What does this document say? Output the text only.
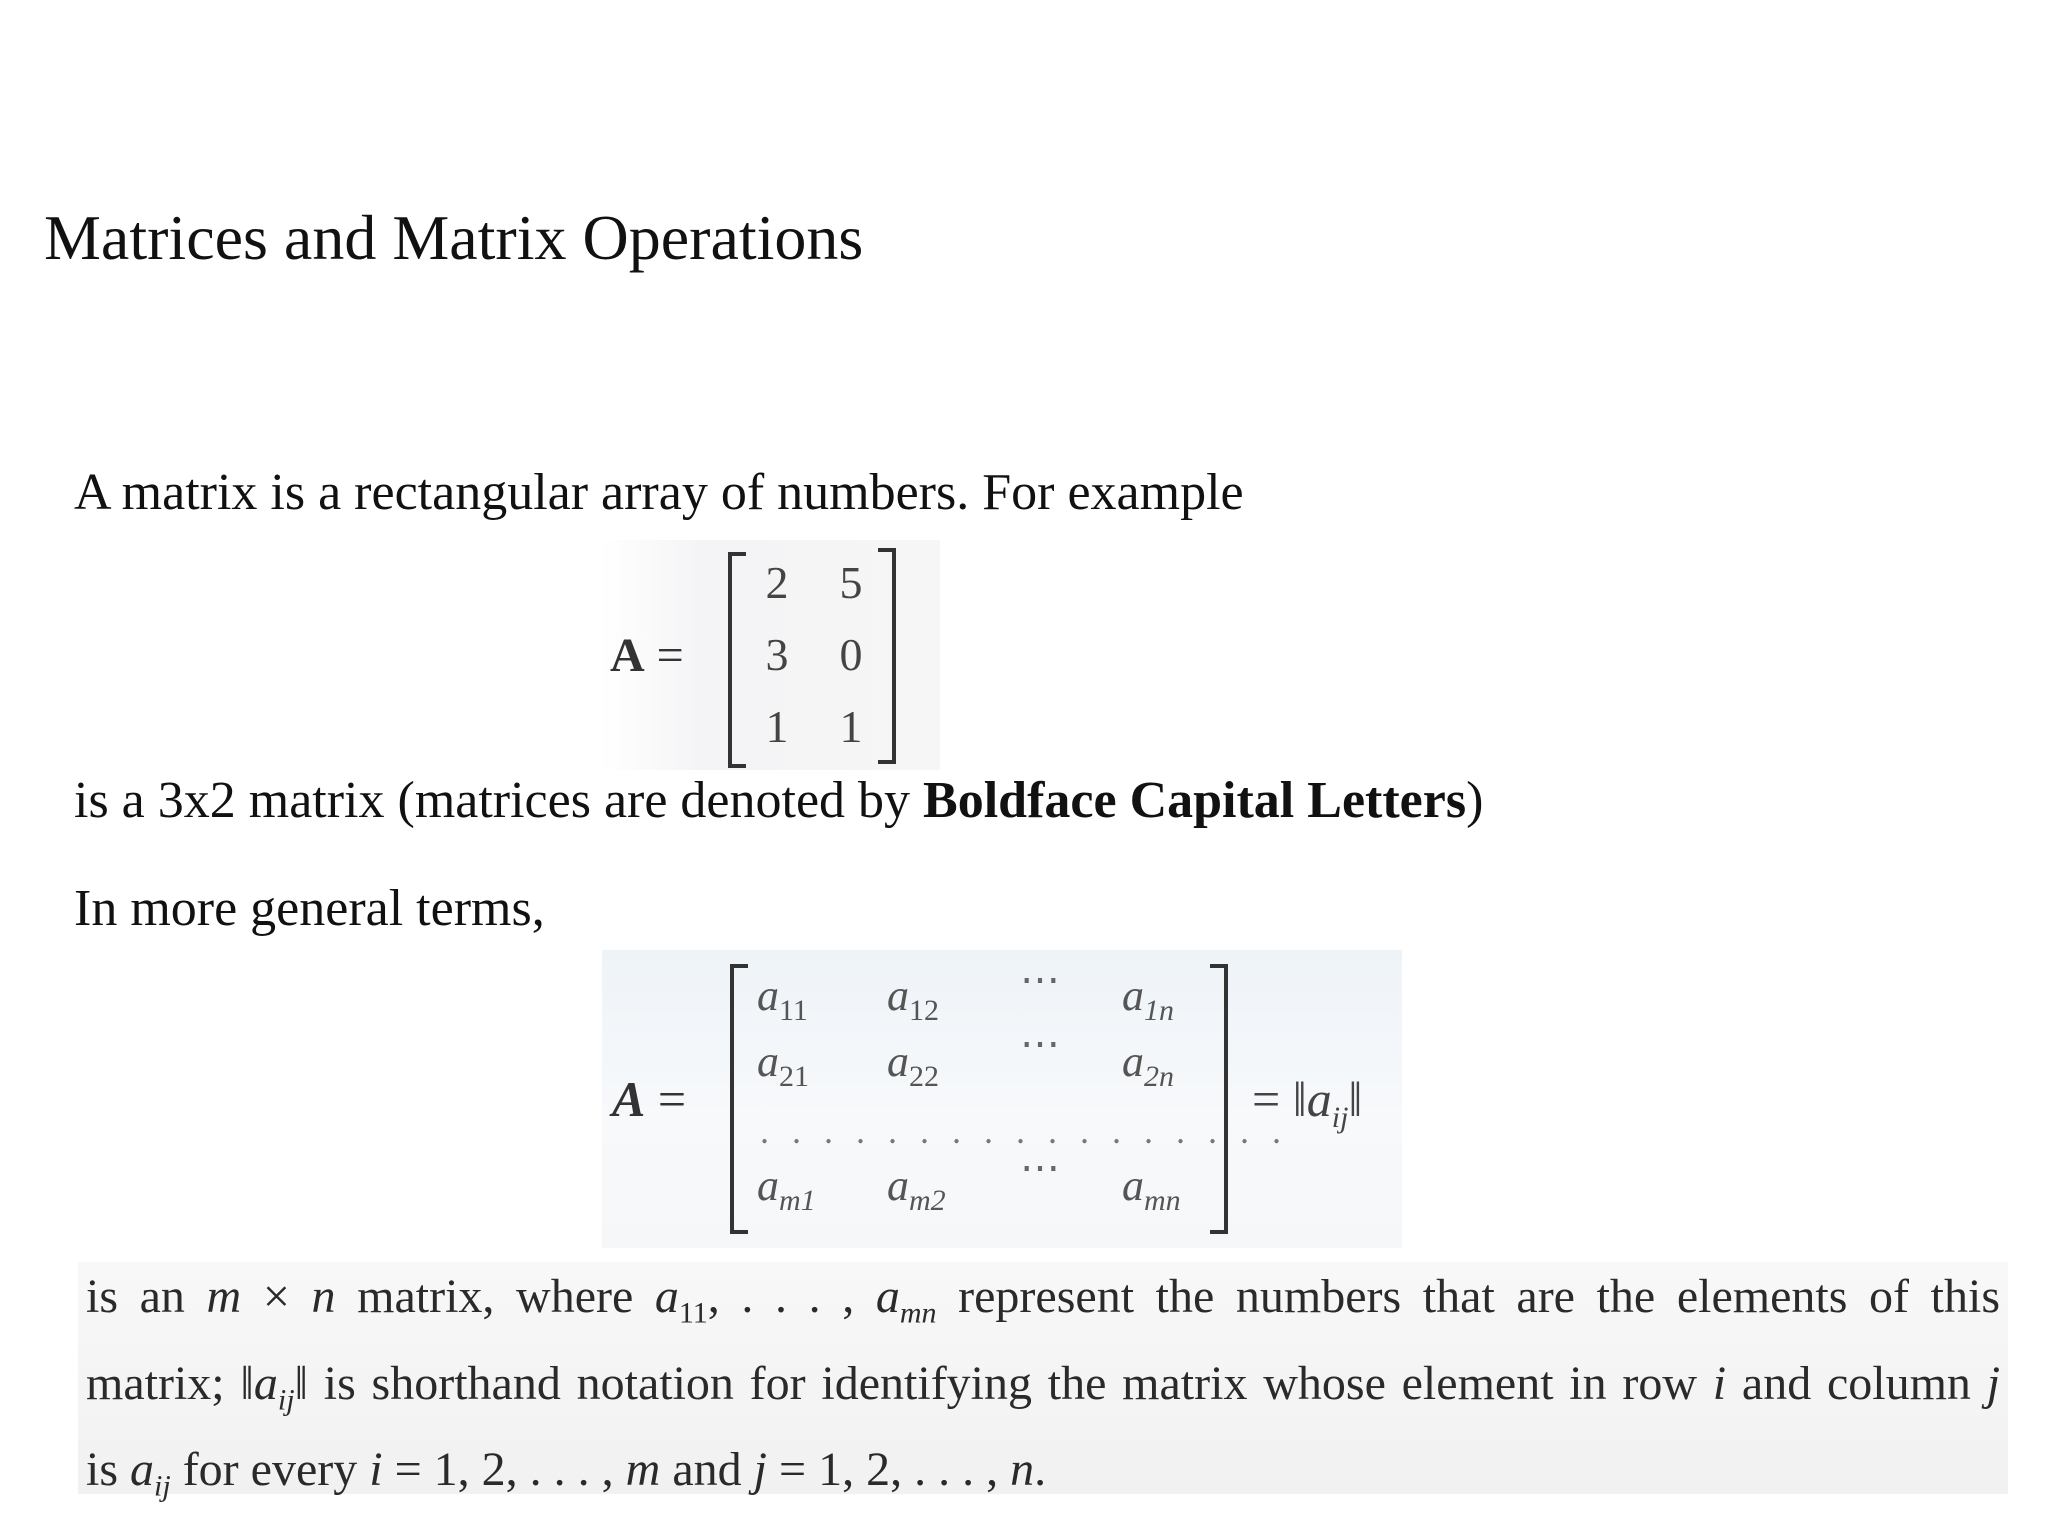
Matrices and Matrix Operations
A matrix is a rectangular array of numbers. For example
A =
2 5
3 0
1 1
is a 3x2 matrix (matrices are denoted by Boldface Capital Letters)
In more general terms,
A =
$a_{11}$ $a_{12}$
⋯ $a_{1n}$
$a_{21}$ $a_{22}$
⋯ $a_{2n}$
. . . . . . . . . . . . . . . . .
$a_{m1}$ $a_{m2}$
⋯ $a_{mn}$
= $‖a_{ij}‖$
is an m × n matrix, where $a_{11}$, . . . , $a_{mn}$ represent the numbers that are the elements of this
matrix; $‖a_{ij}‖$ is shorthand notation for identifying the matrix whose element in row i and column j
is $a_{ij}$ for every i = 1, 2, . . . , m and j = 1, 2, . . . , n.
